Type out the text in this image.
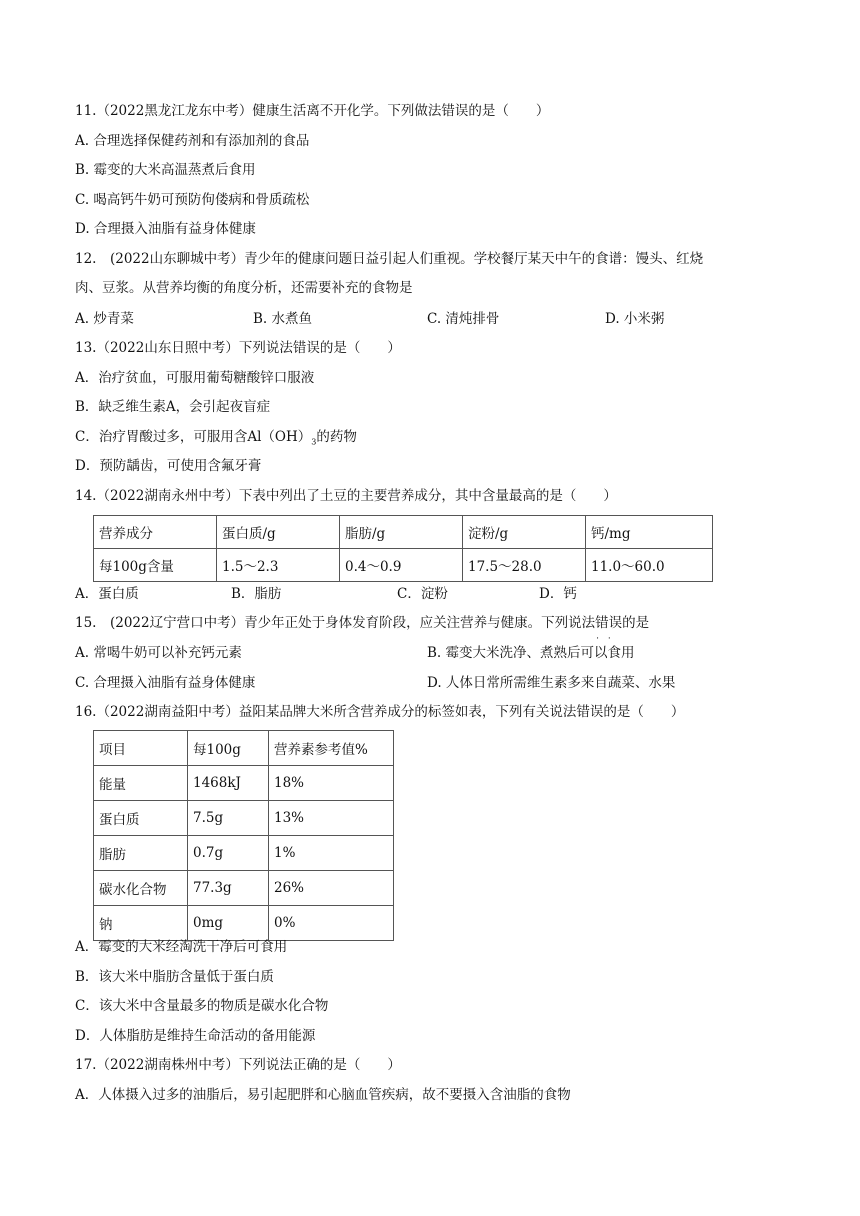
11.（2022黑龙江龙东中考）健康生活离不开化学。下列做法错误的是（　　）
A. 合理选择保健药剂和有添加剂的食品
B. 霉变的大米高温蒸煮后食用
C. 喝高钙牛奶可预防佝偻病和骨质疏松
D. 合理摄入油脂有益身体健康
12.　(2022山东聊城中考）青少年的健康问题日益引起人们重视。学校餐厅某天中午的食谱：馒头、红烧
肉、豆浆。从营养均衡的角度分析，还需要补充的食物是
A. 炒青菜	B. 水煮鱼	C. 清炖排骨	D. 小米粥
13.（2022山东日照中考）下列说法错误的是（　　）
A．治疗贫血，可服用葡萄糖酸锌口服液
B．缺乏维生素A，会引起夜盲症
C．治疗胃酸过多，可服用含$Al(OH)_3$的药物
D．预防龋齿，可使用含氟牙膏
14.（2022湖南永州中考）下表中列出了土豆的主要营养成分，其中含量最高的是（　　）
营养成分	蛋白质/g	脂肪/g	淀粉/g	钙/mg
每100g含量	1.5～2.3	0.4～0.9	17.5～28.0	11.0～60.0
A．蛋白质	B．脂肪	C．淀粉	D．钙
15.　(2022辽宁营口中考）青少年正处于身体发育阶段，应关注营养与健康。下列说法错误 · ·的是
A. 常喝牛奶可以补充钙元素	B. 霉变大米洗净、煮熟后可以食用
C. 合理摄入油脂有益身体健康	D. 人体日常所需维生素多来自蔬菜、水果
16.（2022湖南益阳中考）益阳某品牌大米所含营养成分的标签如表，下列有关说法错误的是（　　）
项目	每100g	营养素参考值%
能量	1468kJ	18%
蛋白质	7.5g	13%
脂肪	0.7g	1%
碳水化合物	77.3g	26%
钠	0mg	0%
A．霉变的大米经淘洗干净后可食用
B．该大米中脂肪含量低于蛋白质
C．该大米中含量最多的物质是碳水化合物
D．人体脂肪是维持生命活动的备用能源
17.（2022湖南株州中考）下列说法正确的是（　　）
A．人体摄入过多的油脂后，易引起肥胖和心脑血管疾病，故不要摄入含油脂的食物
